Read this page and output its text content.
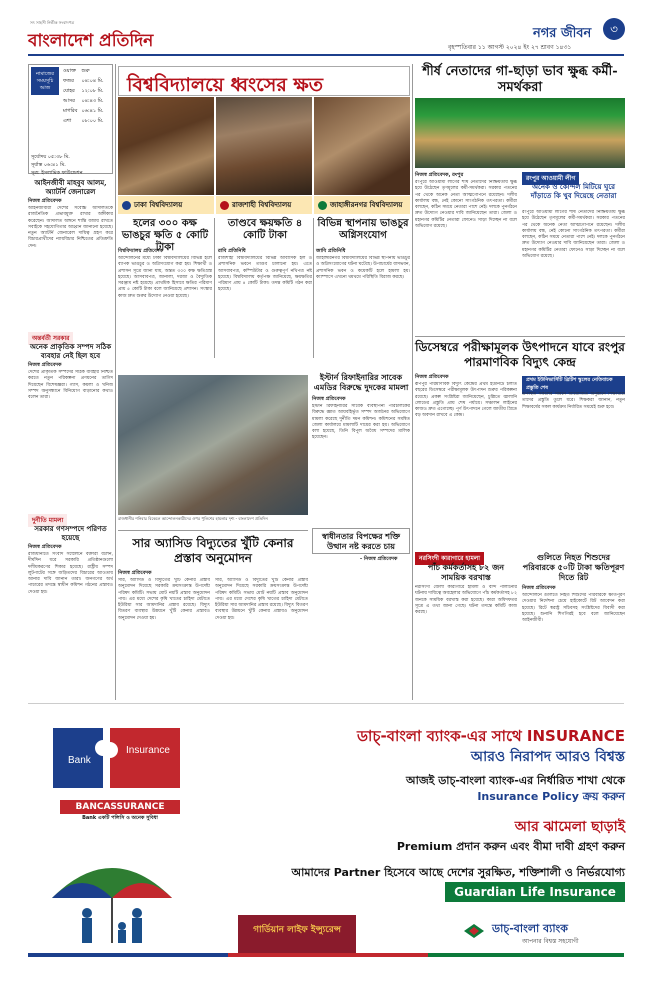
সৎ সাহসী নির্ভীক সংবাদপত্র
বাংলাদেশ প্রতিদিন	নগর জীবন	৩
বৃহস্পতিবার ১১ আগস্ট ২০২৪ ইং ২৭ শ্রাবণ ১৪৩১
নামাজের
সময়সূচি
আজ
ওয়াক্ত	শুরু
ফজর	০৪:০৪ মি.
যোহর	১২:০৮ মি.
আসর	০৪:৪৩ মি.
মাগরিব	০৬:৪১ মি.
এশা	০৮:০০ মি.
সূর্যোদয় ০৫:৩৮ মি.
সূর্যাস্ত ০৬:৪১ মি.
সূত্র: ইসলামিক ফাউন্ডেশন
বিশ্ববিদ্যালয়ে ধ্বংসের ক্ষত
ঢাকা বিশ্ববিদ্যালয়	রাজশাহী বিশ্ববিদ্যালয়	জাহাঙ্গীরনগর বিশ্ববিদ্যালয়
হলের ৩০০ কক্ষ ভাঙচুর ক্ষতি ৫ কোটি টাকা
তাণ্ডবে ক্ষয়ক্ষতি ৪ কোটি টাকা
বিভিন্ন স্থাপনায় ভাঙচুর অগ্নিসংযোগ
বিশ্ববিদ্যালয় প্রতিবেদক	রাবি প্রতিনিধি	জাবি প্রতিনিধি
আন্দোলনের মধ্যে ঢাকা বিশ্ববিদ্যালয়ের বিভিন্ন হলে ব্যাপক ভাঙচুর ও অগ্নিসংযোগ করা হয়। শিক্ষার্থী ও প্রশাসন সূত্রে জানা যায়, অন্তত ৩০০ কক্ষ ক্ষতিগ্রস্ত হয়েছে। আসবাবপত্র, জানালা, দরজা ও বৈদ্যুতিক সরঞ্জাম নষ্ট হয়েছে। প্রাথমিক হিসাবে ক্ষতির পরিমাণ প্রায় ৫ কোটি টাকা বলে জানিয়েছে প্রশাসন। সংস্কার কাজ দ্রুত শুরুর উদ্যোগ নেওয়া হয়েছে।
রাজশাহী বিশ্ববিদ্যালয়ের বিভিন্ন আবাসিক হল ও প্রশাসনিক ভবনে তাণ্ডব চালানো হয়। এতে আসবাবপত্র, কম্পিউটার ও গুরুত্বপূর্ণ নথিপত্র নষ্ট হয়েছে। বিশ্ববিদ্যালয় কর্তৃপক্ষ জানিয়েছে, ক্ষয়ক্ষতির পরিমাণ প্রায় ৪ কোটি টাকা। তদন্ত কমিটি গঠন করা হয়েছে।
জাহাঙ্গীরনগর বিশ্ববিদ্যালয়ের বিভিন্ন স্থাপনায় ভাঙচুর ও অগ্নিসংযোগের ঘটনা ঘটেছে। উপাচার্যের বাসভবন, প্রশাসনিক ভবন ও কয়েকটি হলে হামলা হয়। ক্যাম্পাসে এখনো থমথমে পরিস্থিতি বিরাজ করছে।
শীর্ষ নেতাদের গা-ছাড়া ভাব ক্ষুব্ধ কর্মী-সমর্থকরা
নিজস্ব প্রতিবেদক, রংপুর	রংপুর আওয়ামী লীগ
রংপুরে আওয়ামী লীগের শীর্ষ নেতাদের নিষ্ক্রিয়তায় ক্ষুব্ধ হয়ে উঠেছেন তৃণমূলের কর্মী-সমর্থকরা। সরকার পতনের পর থেকে অনেক নেতা আত্মগোপনে রয়েছেন। দলীয় কার্যালয় বন্ধ, নেই কোনো সাংগঠনিক তৎপরতা। কর্মীরা বলছেন, কঠিন সময়ে নেতারা পাশে নেই। দলকে পুনর্গঠনে দ্রুত উদ্যোগ নেওয়ার দাবি জানিয়েছেন তারা। জেলা ও মহানগর কমিটির নেতারা ফোনেও সাড়া দিচ্ছেন না বলে অভিযোগ রয়েছে।
অনেক ও কোন্দল মিটিয়ে ঘুরে দাঁড়াতে কি খুব দিয়েছে নেতারা
রংপুরে আওয়ামী লীগের শীর্ষ নেতাদের নিষ্ক্রিয়তায় ক্ষুব্ধ হয়ে উঠেছেন তৃণমূলের কর্মী-সমর্থকরা। সরকার পতনের পর থেকে অনেক নেতা আত্মগোপনে রয়েছেন। দলীয় কার্যালয় বন্ধ, নেই কোনো সাংগঠনিক তৎপরতা। কর্মীরা বলছেন, কঠিন সময়ে নেতারা পাশে নেই। দলকে পুনর্গঠনে দ্রুত উদ্যোগ নেওয়ার দাবি জানিয়েছেন তারা। জেলা ও মহানগর কমিটির নেতারা ফোনেও সাড়া দিচ্ছেন না বলে অভিযোগ রয়েছে।
ডিসেম্বরে পরীক্ষামূলক উৎপাদনে যাবে রংপুর পারমাণবিক বিদ্যুৎ কেন্দ্র
নিজস্ব প্রতিবেদক
রূপপুর পারমাণবিক বিদ্যুৎ কেন্দ্রের প্রথম ইউনিটে চলতি বছরের ডিসেম্বরে পরীক্ষামূলক উৎপাদন শুরুর পরিকল্পনা রয়েছে। প্রকল্প সংশ্লিষ্টরা জানিয়েছেন, চুল্লিতে জ্বালানি লোডের প্রস্তুতি প্রায় শেষ পর্যায়ে। সঞ্চালন লাইনের কাজও দ্রুত এগোচ্ছে। পূর্ণ উৎপাদনে গেলে জাতীয় গ্রিডে বড় অবদান রাখবে এ কেন্দ্র।
প্রথম ইউনিভার্সিটি ব্রিটিশ স্কুলের নেতিবাচক প্রস্তুতি শেষ
উপস্থিত সকলের সামনে আয়োজিত অনুষ্ঠানে শিক্ষার্থীরা তাদের প্রস্তুতি তুলে ধরে। শিক্ষকরা জানান, নতুন শিক্ষাবর্ষের সকল কার্যক্রম নির্ধারিত সময়েই শুরু হবে।
ইস্টার্ন রিফাইনারির সাবেক এমডির বিরুদ্ধে দুদকের মামলা
নিজস্ব প্রতিবেদক
ইস্টার্ন রিফাইনারির সাবেক ব্যবস্থাপনা পরিচালকের বিরুদ্ধে জ্ঞাত আয়বহির্ভূত সম্পদ অর্জনের অভিযোগে মামলা করেছে দুর্নীতি দমন কমিশন। কমিশনের সমন্বিত জেলা কার্যালয়ে মামলাটি দায়ের করা হয়। অভিযোগে বলা হয়েছে, তিনি বিপুল অবৈধ সম্পদের মালিক হয়েছেন।
রাজধানীর শনিবার বিকেলে আন্দোলনকারীদের ওপর পুলিশের হামলার দৃশ্য - বাংলাদেশ প্রতিদিন
স্বাধীনতার বিপক্ষের শক্তি উত্থান নষ্ট করতে চায়
- নিজস্ব প্রতিবেদক	নরসিংদী কারাগারে হামলা
পাঁচ কর্মকর্তাসহ ৮২ জন সাময়িক বরখাস্ত
নরসিংদী জেলা কারাগারে হামলা ও বন্দি পালানোর ঘটনায় দায়িত্বে অবহেলার অভিযোগে পাঁচ কর্মকর্তাসহ ৮২ জনকে সাময়িক বরখাস্ত করা হয়েছে। কারা অধিদফতর সূত্রে এ তথ্য জানা গেছে। ঘটনা তদন্তে কমিটি কাজ করছে।
গুলিতে নিহত শিশুদের পরিবারকে ৫০টি টাকা ক্ষতিপূরণ দিতে রিট
নিজস্ব প্রতিবেদক
আন্দোলনে গুলিতে নিহত শিশুদের পরিবারকে ক্ষতিপূরণ দেওয়ার নির্দেশনা চেয়ে হাইকোর্টে রিট আবেদন করা হয়েছে। রিটে স্বরাষ্ট্র সচিবসহ সংশ্লিষ্টদের বিবাদী করা হয়েছে। শুনানি শিগগিরই হবে বলে জানিয়েছেন আইনজীবী।
সার অ্যাসিড বিদ্যুতের খুঁটি কেনার প্রস্তাব অনুমোদন
নিজস্ব প্রতিবেদক
সার, অ্যাসিড ও বিদ্যুতের খুঁটি কেনার প্রস্তাব অনুমোদন দিয়েছে সরকারি ক্রয়সংক্রান্ত উপদেষ্টা পরিষদ কমিটি। সভায় মোট নয়টি প্রস্তাব অনুমোদন পায়। এর মধ্যে দেশের কৃষি খাতের চাহিদা মেটাতে ইউরিয়া সার আমদানির প্রস্তাব রয়েছে। বিদ্যুৎ বিতরণ ব্যবস্থার উন্নয়নে খুঁটি কেনার প্রস্তাবও অনুমোদন দেওয়া হয়।
সার, অ্যাসিড ও বিদ্যুতের খুঁটি কেনার প্রস্তাব অনুমোদন দিয়েছে সরকারি ক্রয়সংক্রান্ত উপদেষ্টা পরিষদ কমিটি। সভায় মোট নয়টি প্রস্তাব অনুমোদন পায়। এর মধ্যে দেশের কৃষি খাতের চাহিদা মেটাতে ইউরিয়া সার আমদানির প্রস্তাব রয়েছে। বিদ্যুৎ বিতরণ ব্যবস্থার উন্নয়নে খুঁটি কেনার প্রস্তাবও অনুমোদন দেওয়া হয়।
আইনজীবী মাহবুব আলম, অ্যাটর্নি জেনারেল
নিজস্ব প্রতিবেদক
আইনজীবীরা দেশের সর্বোচ্চ আদালতকে রাজনৈতিক প্রভাবমুক্ত রাখার অঙ্গীকার করেছেন। আদালত অঙ্গনে শান্তি বজায় রাখতে সবাইকে সহযোগিতার আহ্বান জানানো হয়েছে। নতুন অ্যাটর্নি জেনারেল দায়িত্ব গ্রহণ করে বিচারপ্রার্থীদের ন্যায়বিচার নিশ্চিতের প্রতিশ্রুতি দেন।
অন্তর্বর্তী সরকার
অনেক প্রাকৃতিক সম্পদ সঠিক ব্যবহার নেই ছিল হবে
নিজস্ব প্রতিবেদক
দেশের প্রাকৃতিক সম্পদের সঠিক ব্যবহার নিশ্চিত করতে নতুন পরিকল্পনা প্রণয়নের তাগিদ দিয়েছেন বিশেষজ্ঞরা। গ্যাস, কয়লা ও খনিজ সম্পদ অনুসন্ধানে বিনিয়োগ বাড়ানোর কথাও বলেন তারা।
দুর্নীতি মামলা
সরকার গণসম্পদে পরিণত হয়েছে
নিজস্ব প্রতিবেদক
রাজধানীতে সংবাদ সম্মেলনে বক্তারা বলেন, দীর্ঘদিন ধরে সরকারি প্রতিষ্ঠানগুলো দলীয়করণের শিকার হয়েছে। রাষ্ট্রীয় সম্পদ লুটপাটের সঙ্গে জড়িতদের বিচারের আওতায় আনার দাবি জানান তারা। জনগণের অর্থ পাচারের তদন্তে স্বাধীন কমিশন গঠনের প্রস্তাবও দেওয়া হয়।
Bank
Insurance
BANCASSURANCE
Bank একটি পলিসি ও অনেক সুবিধা
ডাচ্-বাংলা ব্যাংক-এর সাথে INSURANCE
আরও নিরাপদ আরও বিশ্বস্ত
আজই ডাচ্-বাংলা ব্যাংক-এর নির্ধারিত শাখা থেকে
Insurance Policy ক্রয় করুন
আর ঝামেলা ছাড়াই
Premium প্রদান করুন এবং বীমা দাবী গ্রহণ করুন
আমাদের Partner হিসেবে আছে দেশের সুরক্ষিত, শক্তিশালী ও নির্ভরযোগ্য
Guardian Life Insurance
গার্ডিয়ান লাইফ ইন্স্যুরেন্স	ডাচ্-বাংলা ব্যাংক
আপনার বিশ্বস্ত সহযোগী
